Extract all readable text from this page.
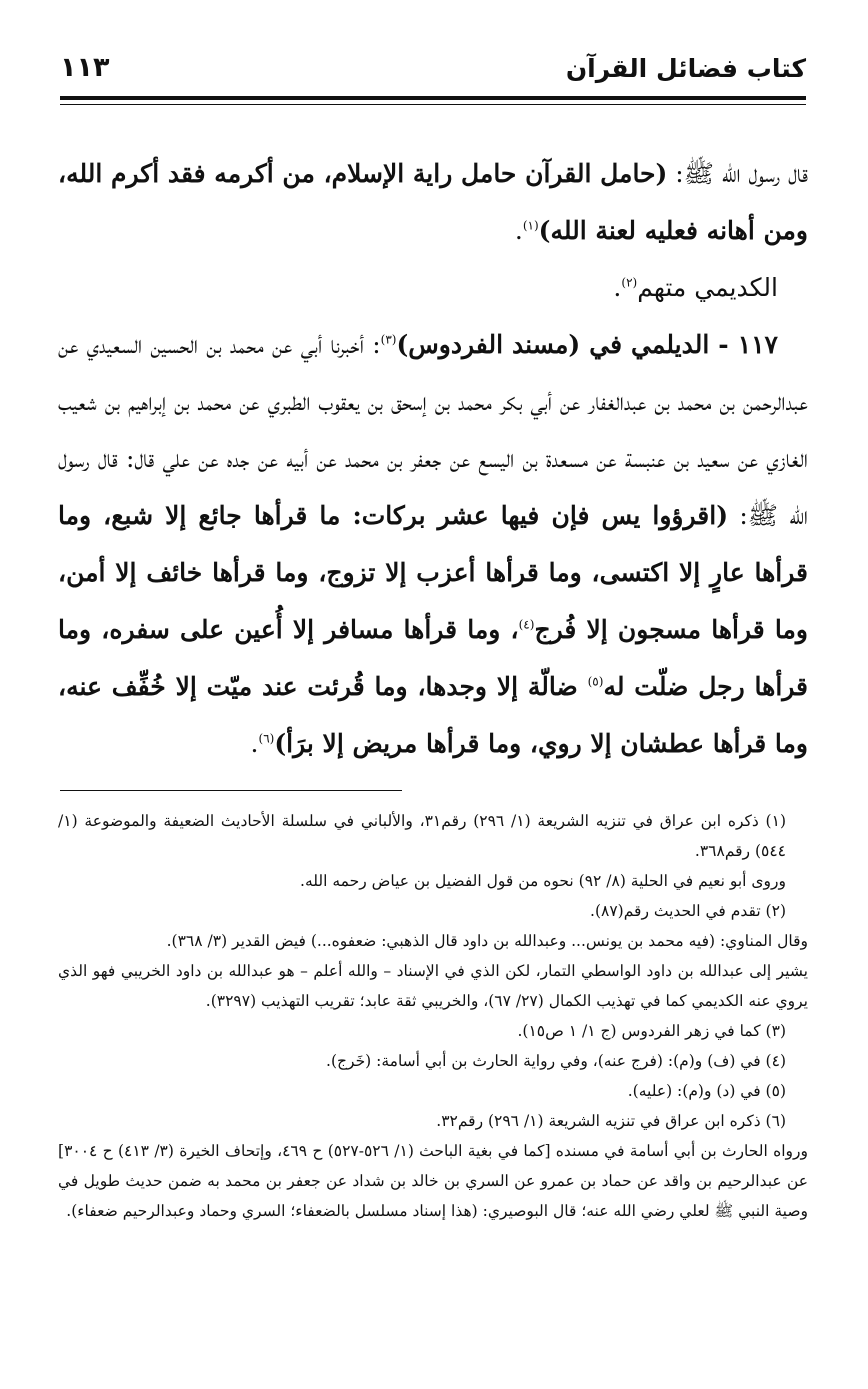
كتاب فضائل القرآن
١١٣

قال رسول الله ﷺ: (حامل القرآن حامل راية الإسلام، من أكرمه فقد أكرم الله، ومن أهانه فعليه لعنة الله)$^{(١)}$.

الكديمي متهم$^{(٢)}$.

١١٧ - الديلمي في (مسند الفردوس)$^{(٣)}$: أخبرنا أبي عن محمد بن الحسين السعيدي عن عبدالرحمن بن محمد بن عبدالغفار عن أبي بكر محمد بن إسحق بن يعقوب الطبري عن محمد بن إبراهيم بن شعيب الغازي عن سعيد بن عنبسة عن مسعدة بن اليسع عن جعفر بن محمد عن أبيه عن جده عن علي قال: قال رسول الله ﷺ: (اقرؤوا يس فإن فيها عشر بركات: ما قرأها جائع إلا شبع، وما قرأها عارٍ إلا اكتسى، وما قرأها أعزب إلا تزوج، وما قرأها خائف إلا أمن، وما قرأها مسجون إلا فُرج$^{(٤)}$، وما قرأها مسافر إلا أُعين على سفره، وما قرأها رجل ضلّت له$^{(٥)}$ ضالّة إلا وجدها، وما قُرئت عند ميّت إلا خُفِّف عنه، وما قرأها عطشان إلا روي، وما قرأها مريض إلا برَأ)$^{(٦)}$.

(١) ذكره ابن عراق في تنزيه الشريعة (١/ ٢٩٦) رقم٣١، والألباني في سلسلة الأحاديث الضعيفة والموضوعة (١/ ٥٤٤) رقم٣٦٨.

وروى أبو نعيم في الحلية (٨/ ٩٢) نحوه من قول الفضيل بن عياض رحمه الله.

(٢) تقدم في الحديث رقم(٨٧).

وقال المناوي: (فيه محمد بن يونس... وعبدالله بن داود قال الذهبي: ضعفوه...) فيض القدير (٣/ ٣٦٨).

يشير إلى عبدالله بن داود الواسطي التمار، لكن الذي في الإسناد – والله أعلم – هو عبدالله بن داود الخريبي فهو الذي يروي عنه الكديمي كما في تهذيب الكمال (٢٧/ ٦٧)، والخريبي ثقة عابد؛ تقريب التهذيب (٣٢٩٧).

(٣) كما في زهر الفردوس (ج ١/ ١ ص١٥).

(٤) في (ف) و(م): (فرج عنه)، وفي رواية الحارث بن أبي أسامة: (خَرج).

(٥) في (د) و(م): (عليه).

(٦) ذكره ابن عراق في تنزيه الشريعة (١/ ٢٩٦) رقم٣٢.

ورواه الحارث بن أبي أسامة في مسنده [كما في بغية الباحث (١/ ٥٢٦-٥٢٧) ح ٤٦٩، وإتحاف الخيرة (٣/ ٤١٣) ح ٣٠٠٤] عن عبدالرحيم بن واقد عن حماد بن عمرو عن السري بن خالد بن شداد عن جعفر بن محمد به ضمن حديث طويل في وصية النبي ﷺ لعلي رضي الله عنه؛ قال البوصيري: (هذا إسناد مسلسل بالضعفاء؛ السري وحماد وعبدالرحيم ضعفاء).
